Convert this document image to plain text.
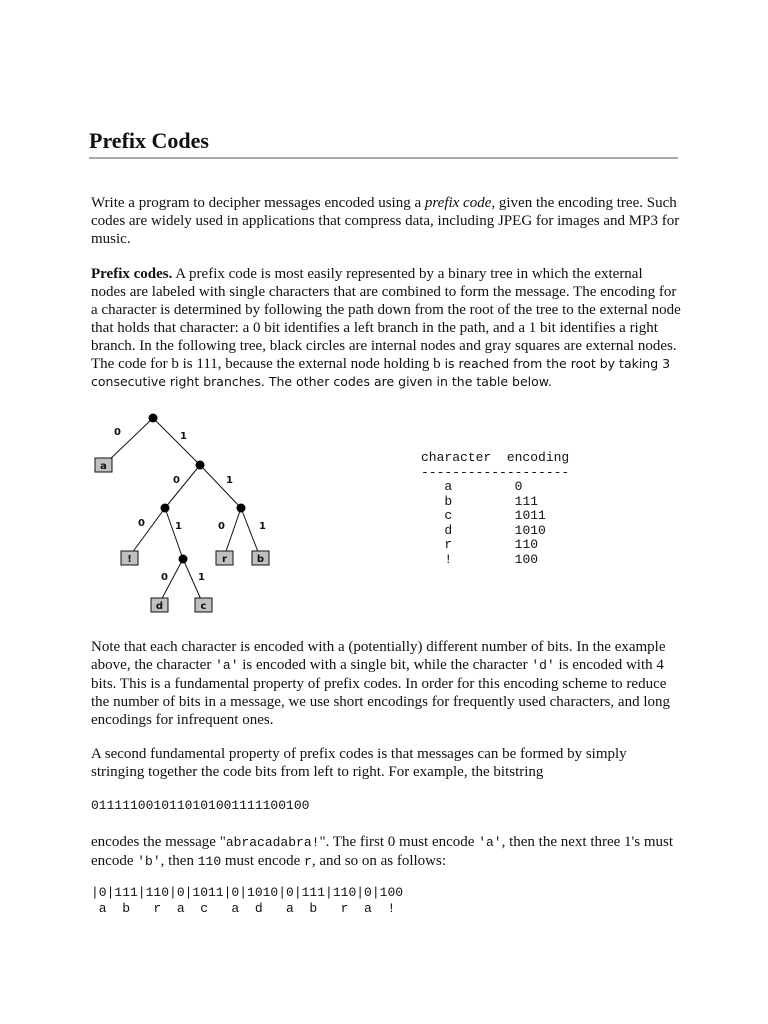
Prefix Codes

Write a program to decipher messages encoded using a prefix code, given the encoding tree. Such codes are widely used in applications that compress data, including JPEG for images and MP3 for music.

Prefix codes. A prefix code is most easily represented by a binary tree in which the external nodes are labeled with single characters that are combined to form the message. The encoding for a character is determined by following the path down from the root of the tree to the external node that holds that character: a 0 bit identifies a left branch in the path, and a 1 bit identifies a right branch. In the following tree, black circles are internal nodes and gray squares are external nodes. The code for b is 111, because the external node holding b is reached from the root by taking 3 consecutive right branches. The other codes are given in the table below.

0	1
0	1
0	1	0	1
0	1
a
!	r	b
d	c
character  encoding
-------------------
a	0
b	111
c	1011
d	1010
r	110
!	100

Note that each character is encoded with a (potentially) different number of bits. In the example above, the character 'a' is encoded with a single bit, while the character 'd' is encoded with 4 bits. This is a fundamental property of prefix codes. In order for this encoding scheme to reduce the number of bits in a message, we use short encodings for frequently used characters, and long encodings for infrequent ones.

A second fundamental property of prefix codes is that messages can be formed by simply stringing together the code bits from left to right. For example, the bitstring

0111110010110101001111100100

encodes the message "abracadabra!". The first 0 must encode 'a', then the next three 1's must encode 'b', then 110 must encode r, and so on as follows:

|0|111|110|0|1011|0|1010|0|111|110|0|100
a  b   r  a  c   a  d   a  b   r  a  !
